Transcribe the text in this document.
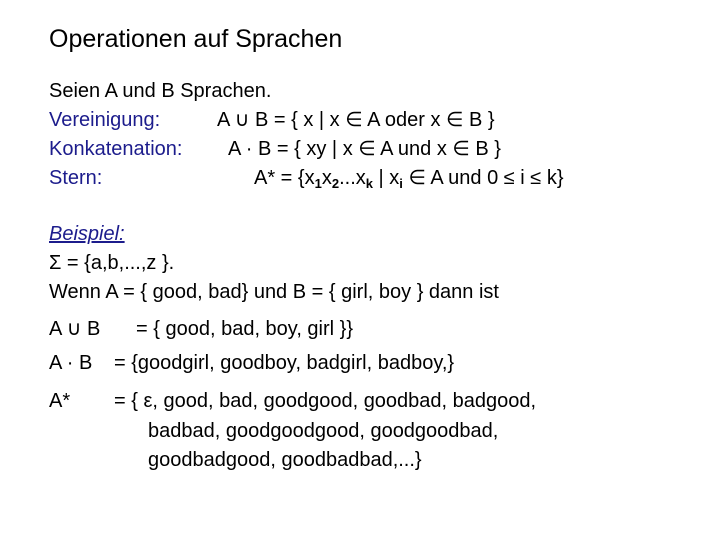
Operationen auf Sprachen
Seien A und B Sprachen.
Vereinigung:	A ∪ B = { x | x ∈ A oder x ∈ B }
Konkatenation: A · B = { xy | x ∈ A und x ∈ B }
Stern:	$A* = \{x_1x_2...x_k$ | $x_i$ ∈ A und 0 ≤ i ≤ k}
Beispiel:
Σ = {a,b,...,z }.
Wenn A = { good, bad} und B = { girl, boy } dann ist
A ∪ B = { good, bad, boy, girl }}
A · B = {goodgirl, goodboy, badgirl, badboy,}
A* = { ε, good, bad, goodgood, goodbad, badgood,
badbad, goodgoodgood, goodgoodbad,
goodbadgood, goodbadbad,...}
